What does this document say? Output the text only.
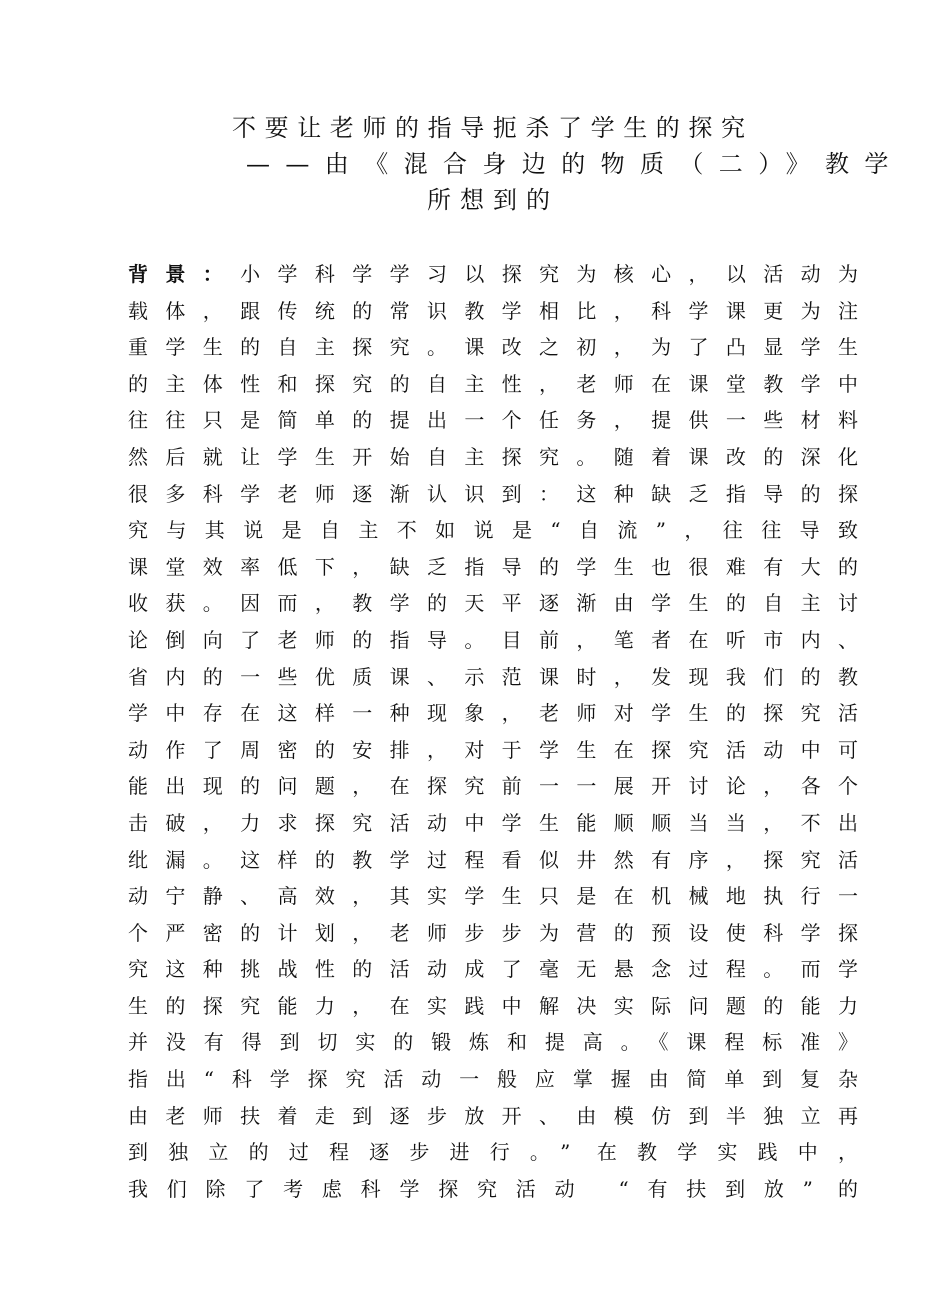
不要让老师的指导扼杀了学生的探究
——由《混合身边的物质（二）》教学
所想到的
背景：小学科学学习以探究为核心，以活动为
载体，跟传统的常识教学相比，科学课更为注
重学生的自主探究。课改之初，为了凸显学生
的主体性和探究的自主性，老师在课堂教学中
往往只是简单的提出一个任务，提供一些材料
然后就让学生开始自主探究。随着课改的深化
很多科学老师逐渐认识到：这种缺乏指导的探
究与其说是自主不如说是“自流”，往往导致
课堂效率低下，缺乏指导的学生也很难有大的
收获。因而，教学的天平逐渐由学生的自主讨
论倒向了老师的指导。目前，笔者在听市内、
省内的一些优质课、示范课时，发现我们的教
学中存在这样一种现象，老师对学生的探究活
动作了周密的安排，对于学生在探究活动中可
能出现的问题，在探究前一一展开讨论，各个
击破，力求探究活动中学生能顺顺当当，不出
纰漏。这样的教学过程看似井然有序，探究活
动宁静、高效，其实学生只是在机械地执行一
个严密的计划，老师步步为营的预设使科学探
究这种挑战性的活动成了毫无悬念过程。而学
生的探究能力，在实践中解决实际问题的能力
并没有得到切实的锻炼和提高。《课程标准》
指出“科学探究活动一般应掌握由简单到复杂
由老师扶着走到逐步放开、由模仿到半独立再
到独立的过程逐步进行。” 在教学实践中，
我们除了考虑科学探究活动 “有扶到放” 的
